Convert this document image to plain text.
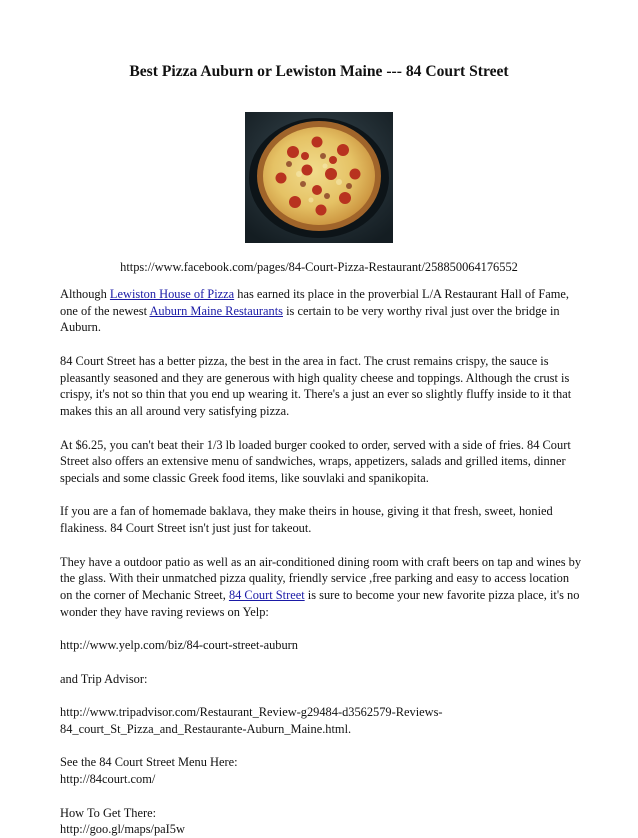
Best Pizza Auburn or Lewiston Maine --- 84 Court Street

https://www.facebook.com/pages/84-Court-Pizza-Restaurant/258850064176552

Although Lewiston House of Pizza has earned its place in the proverbial L/A Restaurant Hall of Fame, one of the newest Auburn Maine Restaurants is certain to be very worthy rival just over the bridge in Auburn.

84 Court Street has a better pizza, the best in the area in fact. The crust remains crispy, the sauce is pleasantly seasoned and they are generous with high quality cheese and toppings. Although the crust is crispy, it's not so thin that you end up wearing it. There's a just an ever so slightly fluffy inside to it that makes this an all around very satisfying pizza.

At $6.25, you can't beat their 1/3 lb loaded burger cooked to order, served with a side of fries. 84 Court Street also offers an extensive menu of sandwiches, wraps, appetizers, salads and grilled items, dinner specials and some classic Greek food items, like souvlaki and spanikopita.

If you are a fan of homemade baklava, they make theirs in house, giving it that fresh, sweet, honied flakiness. 84 Court Street isn't just just for takeout.

They have a outdoor patio as well as an air-conditioned dining room with craft beers on tap and wines by the glass. With their unmatched pizza quality, friendly service ,free parking and easy to access location on the corner of Mechanic Street, 84 Court Street is sure to become your new favorite pizza place, it's no wonder they have raving reviews on Yelp:

http://www.yelp.com/biz/84-court-street-auburn

and Trip Advisor:

http://www.tripadvisor.com/Restaurant_Review-g29484-d3562579-Reviews-84_court_St_Pizza_and_Restaurante-Auburn_Maine.html.

See the 84 Court Street Menu Here:
http://84court.com/

How To Get There:
http://goo.gl/maps/paI5w
